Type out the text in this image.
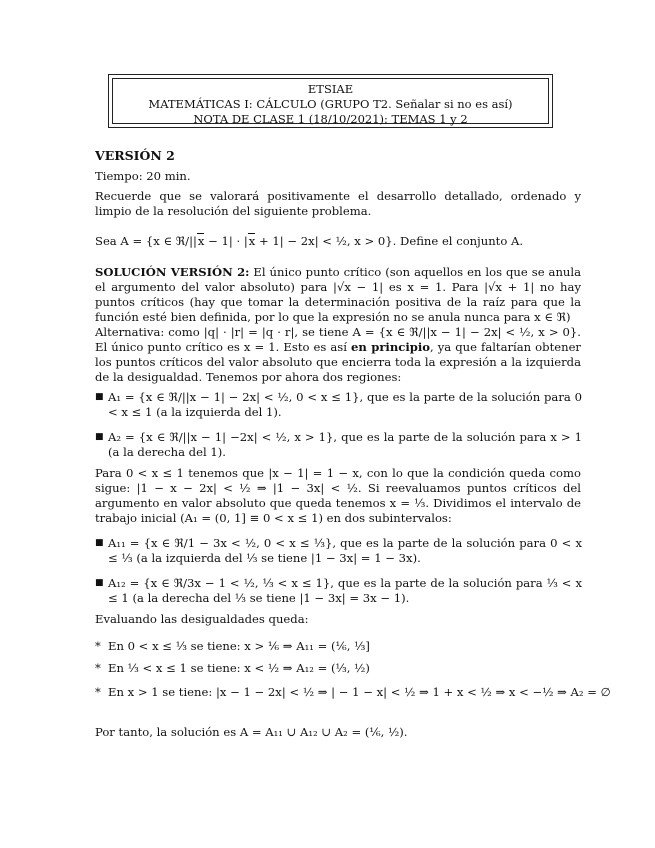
ETSIAE
MATEMÁTICAS I: CÁLCULO (GRUPO T2. Señalar si no es así)
NOTA DE CLASE 1 (18/10/2021): TEMAS 1 y 2
VERSIÓN 2
Tiempo: 20 min.
Recuerde que se valorará positivamente el desarrollo detallado, ordenado y limpio de la resolución del siguiente problema.
Sea A = {x ∈ ℜ/||x − 1| · |x + 1| − 2x| < ½, x > 0}. Define el conjunto A.
SOLUCIÓN VERSIÓN 2: El único punto crítico (son aquellos en los que se anula el argumento del valor absoluto) para |√x − 1| es x = 1. Para |√x + 1| no hay puntos críticos (hay que tomar la determinación positiva de la raíz para que la función esté bien definida, por lo que la expresión no se anula nunca para x ∈ ℜ)
Alternativa: como |q| · |r| = |q · r|, se tiene A = {x ∈ ℜ/||x − 1| − 2x| < ½, x > 0}. El único punto crítico es x = 1. Esto es así en principio, ya que faltarían obtener los puntos críticos del valor absoluto que encierra toda la expresión a la izquierda de la desigualdad. Tenemos por ahora dos regiones:
■ A₁ = {x ∈ ℜ/||x − 1| − 2x| < ½, 0 < x ≤ 1}, que es la parte de la solución para 0 < x ≤ 1 (a la izquierda del 1).
■ A₂ = {x ∈ ℜ/||x − 1| −2x| < ½, x > 1}, que es la parte de la solución para x > 1 (a la derecha del 1).
Para 0 < x ≤ 1 tenemos que |x − 1| = 1 − x, con lo que la condición queda como sigue: |1 − x − 2x| < ½ ⇒ |1 − 3x| < ½. Si reevaluamos puntos críticos del argumento en valor absoluto que queda tenemos x = ⅓. Dividimos el intervalo de trabajo inicial (A₁ = (0, 1] ≡ 0 < x ≤ 1) en dos subintervalos:
■ A₁₁ = {x ∈ ℜ/1 − 3x < ½, 0 < x ≤ ⅓}, que es la parte de la solución para 0 < x ≤ ⅓ (a la izquierda del ⅓ se tiene |1 − 3x| = 1 − 3x).
■ A₁₂ = {x ∈ ℜ/3x − 1 < ½, ⅓ < x ≤ 1}, que es la parte de la solución para ⅓ < x ≤ 1 (a la derecha del ⅓ se tiene |1 − 3x| = 3x − 1).
Evaluando las desigualdades queda:
* En 0 < x ≤ ⅓ se tiene: x > ⅙ ⇒ A₁₁ = (⅙, ⅓]
* En ⅓ < x ≤ 1 se tiene: x < ½ ⇒ A₁₂ = (⅓, ½)
* En x > 1 se tiene: |x − 1 − 2x| < ½ ⇒ | − 1 − x| < ½ ⇒ 1 + x < ½ ⇒ x < −½ ⇒ A₂ = ∅
Por tanto, la solución es A = A₁₁ ∪ A₁₂ ∪ A₂ = (⅙, ½).
